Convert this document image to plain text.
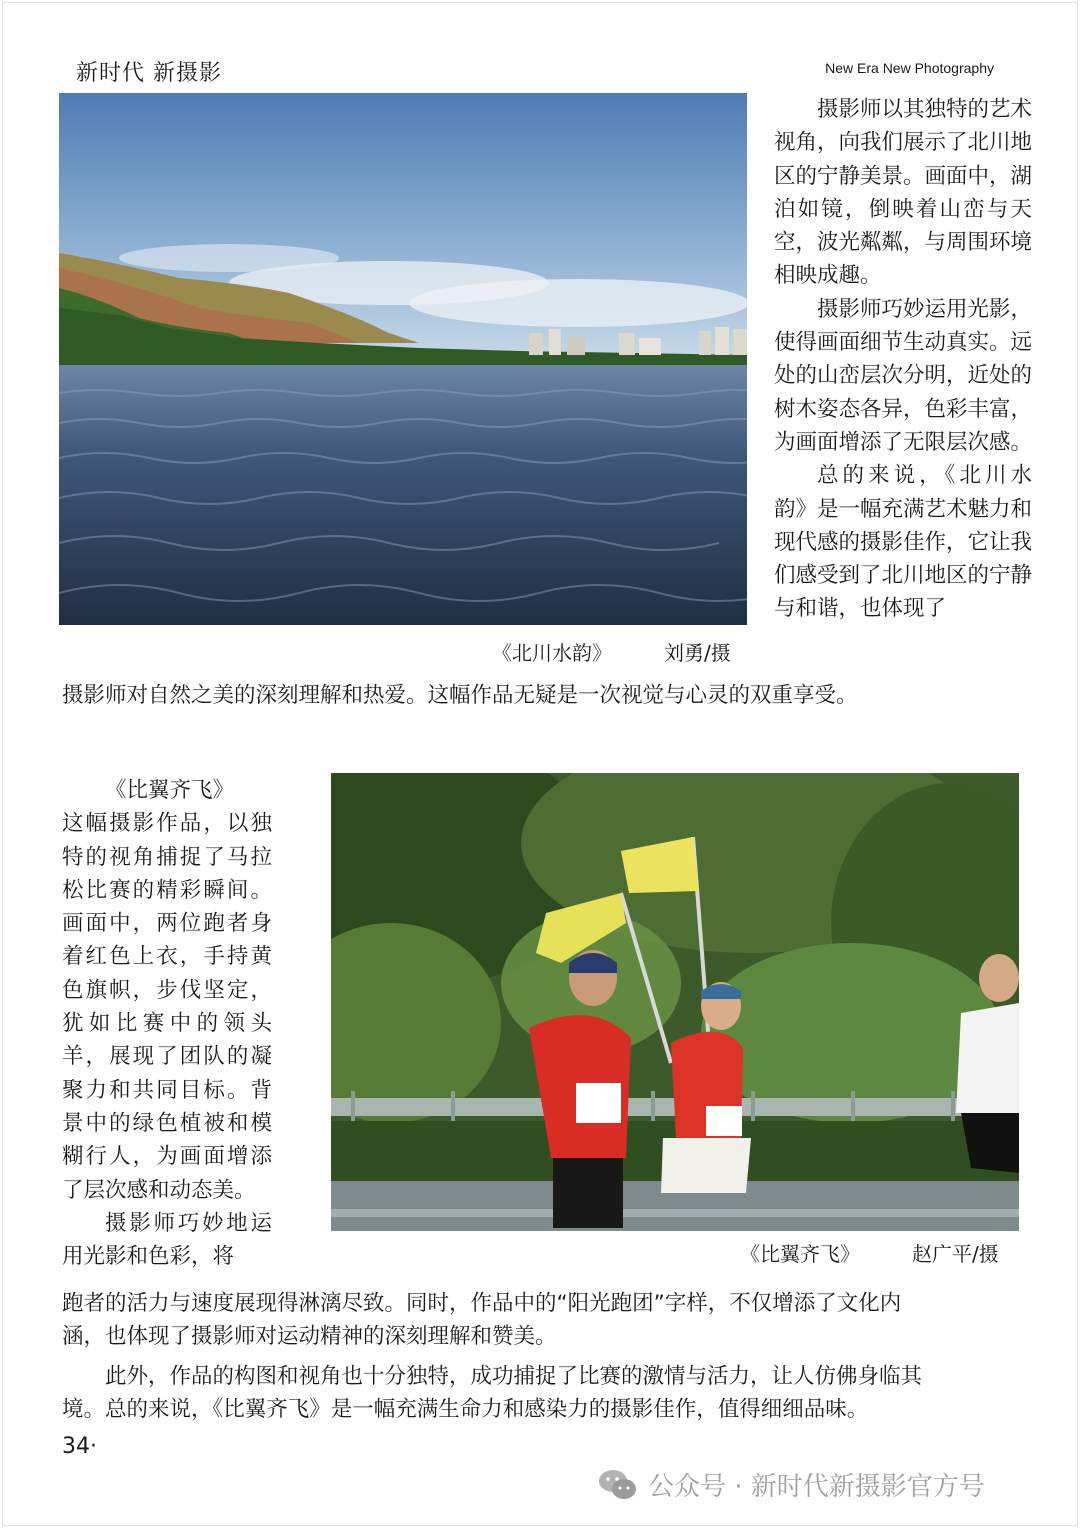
新时代 新摄影	New Era New Photography
《北川水韵》	刘勇/摄

摄影师以其独特的艺术视角，向我们展示了北川地区的宁静美景。画面中，湖泊如镜，倒映着山峦与天空，波光粼粼，与周围环境相映成趣。

摄影师巧妙运用光影，使得画面细节生动真实。远处的山峦层次分明，近处的树木姿态各异，色彩丰富，为画面增添了无限层次感。

总的来说，《北川水韵》是一幅充满艺术魅力和现代感的摄影佳作，它让我们感受到了北川地区的宁静与和谐，也体现了

摄影师对自然之美的深刻理解和热爱。这幅作品无疑是一次视觉与心灵的双重享受。
《比翼齐飞》	赵广平/摄

《比翼齐飞》

这幅摄影作品，以独特的视角捕捉了马拉松比赛的精彩瞬间。画面中，两位跑者身着红色上衣，手持黄色旗帜，步伐坚定，犹如比赛中的领头羊，展现了团队的凝聚力和共同目标。背景中的绿色植被和模糊行人，为画面增添了层次感和动态美。

摄影师巧妙地运用光影和色彩，将

跑者的活力与速度展现得淋漓尽致。同时，作品中的“阳光跑团”字样，不仅增添了文化内
涵，也体现了摄影师对运动精神的深刻理解和赞美。
此外，作品的构图和视角也十分独特，成功捕捉了比赛的激情与活力，让人仿佛身临其
境。总的来说，《比翼齐飞》是一幅充满生命力和感染力的摄影佳作，值得细细品味。
34·
公众号 · 新时代新摄影官方号
